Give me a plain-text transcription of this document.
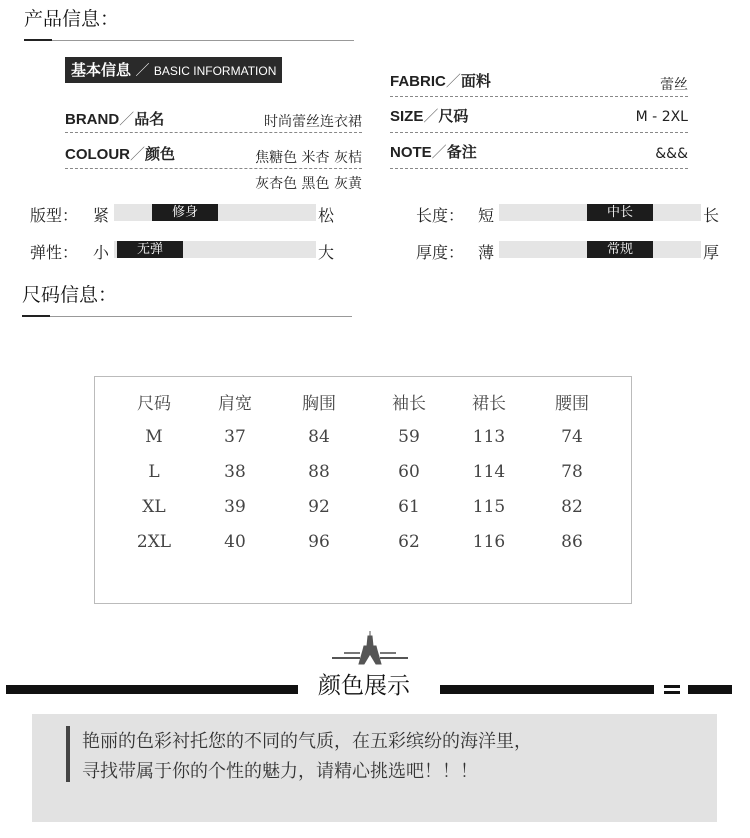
产品信息：
基本信息 ／ BASIC INFORMATION
BRAND／品名	时尚蕾丝连衣裙
COLOUR／颜色	焦糖色 米杏 灰桔
灰杏色 黑色 灰黄
FABRIC／面料	蕾丝
SIZE／尺码	M - 2XL
NOTE／备注	&&&
版型： 紧	修身	松	长度： 短	中长	长
弹性： 小	无弹	大	厚度： 薄	常规	厚
尺码信息：
尺码	肩宽	胸围	袖长	裙长	腰围
M	37	84	59	113	74
L	38	88	60	114	78
XL	39	92	61	115	82
2XL	40	96	62	116	86
颜色展示
艳丽的色彩衬托您的不同的气质，在五彩缤纷的海洋里，
寻找带属于你的个性的魅力，请精心挑选吧！！！
